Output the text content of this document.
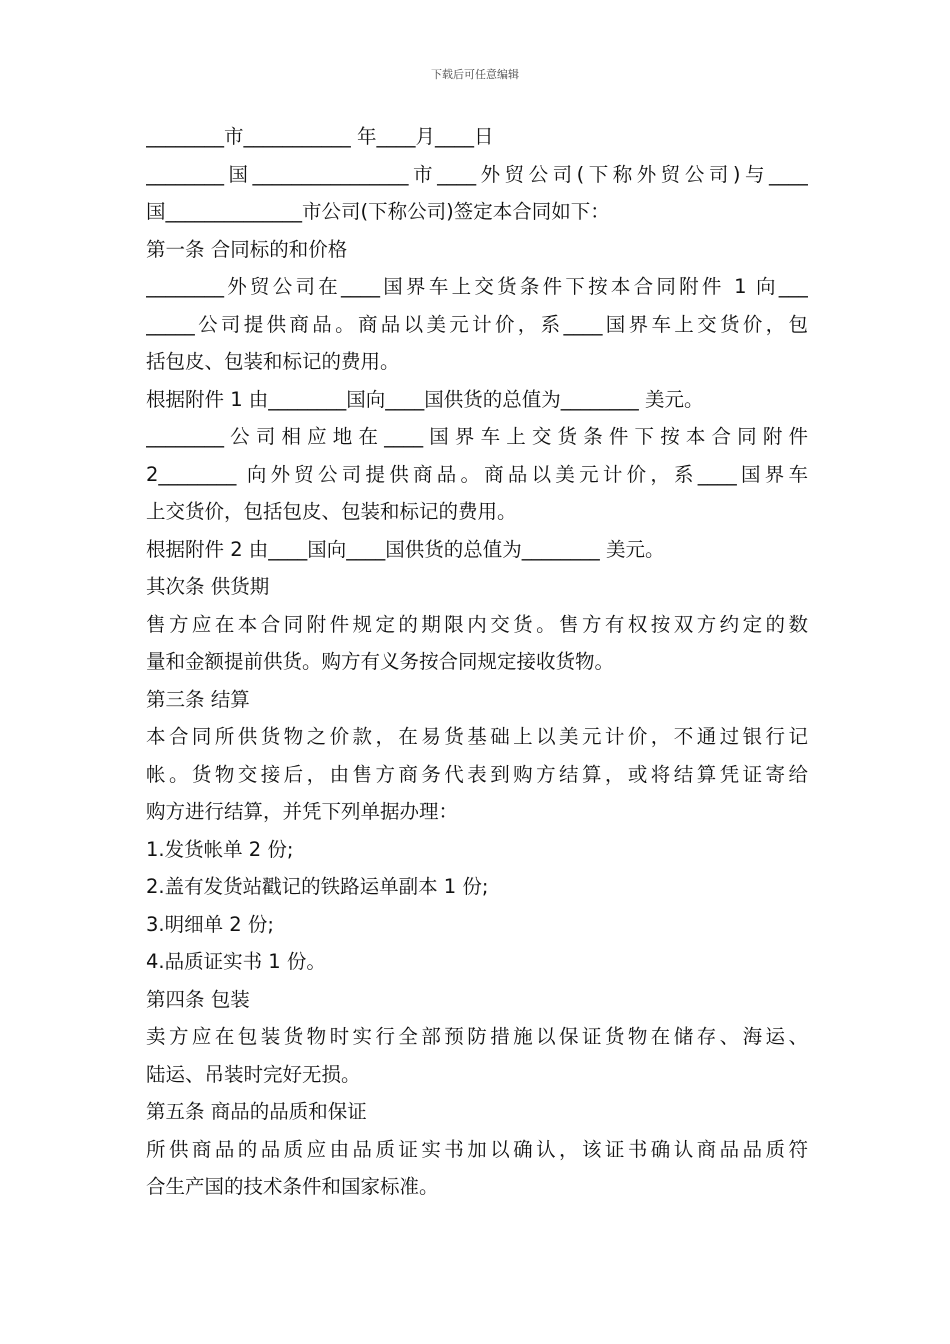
下载后可任意编辑
________市___________ 年____月____日
________国________________市____外贸公司(下称外贸公司)与____
国______________市公司(下称公司)签定本合同如下：
第一条 合同标的和价格
________外贸公司在____国界车上交货条件下按本合同附件 1 向___
_____公司提供商品。商品以美元计价，系____国界车上交货价，包
括包皮、包装和标记的费用。
根据附件 1 由________国向____国供货的总值为________ 美元。
________公司相应地在____国界车上交货条件下按本合同附件
2________ 向外贸公司提供商品。商品以美元计价，系____国界车
上交货价，包括包皮、包装和标记的费用。
根据附件 2 由____国向____国供货的总值为________ 美元。
其次条 供货期
售方应在本合同附件规定的期限内交货。售方有权按双方约定的数
量和金额提前供货。购方有义务按合同规定接收货物。
第三条 结算
本合同所供货物之价款，在易货基础上以美元计价，不通过银行记
帐。货物交接后，由售方商务代表到购方结算，或将结算凭证寄给
购方进行结算，并凭下列单据办理：
1.发货帐单 2 份;
2.盖有发货站戳记的铁路运单副本 1 份;
3.明细单 2 份;
4.品质证实书 1 份。
第四条 包装
卖方应在包装货物时实行全部预防措施以保证货物在储存、海运、
陆运、吊装时完好无损。
第五条 商品的品质和保证
所供商品的品质应由品质证实书加以确认，该证书确认商品品质符
合生产国的技术条件和国家标准。
